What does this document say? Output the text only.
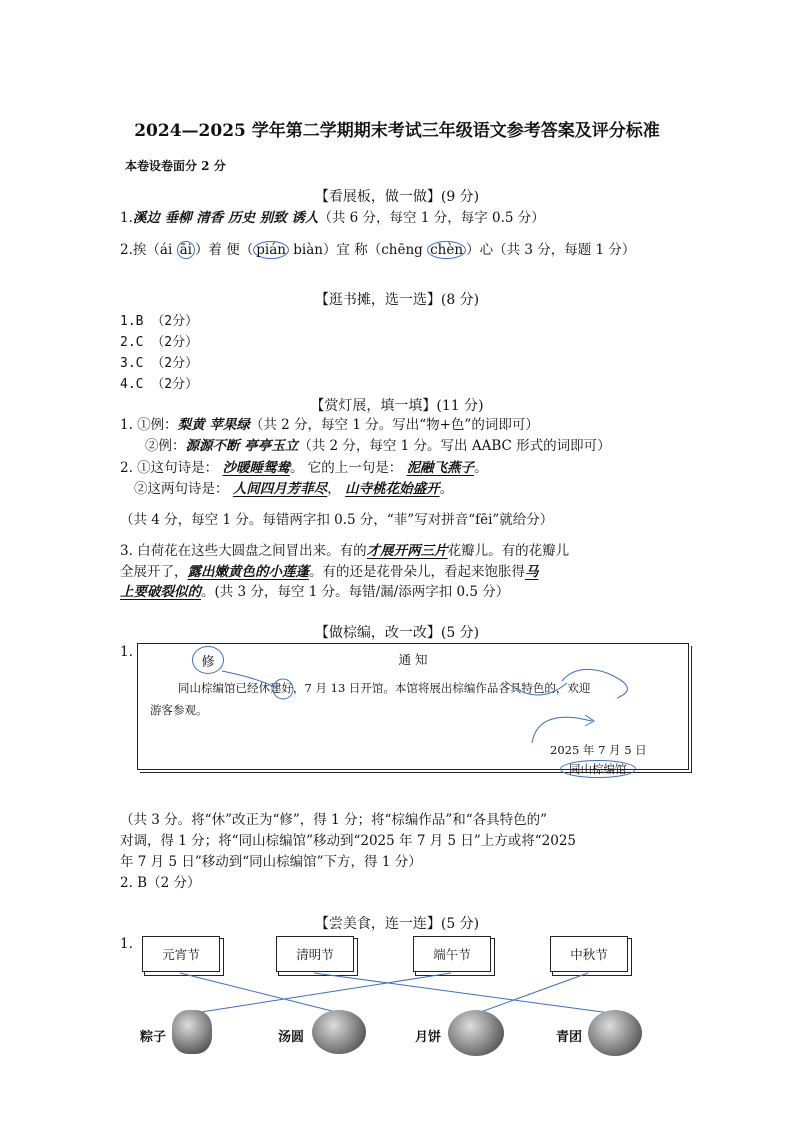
2024—2025 学年第二学期期末考试三年级语文参考答案及评分标准
本卷设卷面分 2 分
【看展板，做一做】(9 分)
1.溪边 垂柳 清香 历史 别致 诱人（共 6 分，每空 1 分，每字 0.5 分）
2.挨（ái āi ）着 便（ pián biàn）宜 称（chēng chèn ）心（共 3 分，每题 1 分）
【逛书摊，选一选】(8 分)
1.B （2分）
2.C （2分）
3.C （2分）
4.C （2分）
【赏灯展，填一填】(11 分)
1. ①例：梨黄 苹果绿（共 2 分，每空 1 分。写出“物+色”的词即可）
②例：源源不断 亭亭玉立（共 2 分，每空 1 分。写出 AABC 形式的词即可）
2. ①这句诗是： 沙暖睡鸳鸯。 它的上一句是： 泥融飞燕子。
②这两句诗是： 人间四月芳菲尽， 山寺桃花始盛开。
（共 4 分，每空 1 分。每错两字扣 0.5 分，“菲”写对拼音“fēi”就给分）
3. 白荷花在这些大圆盘之间冒出来。有的才展开两三片花瓣儿。有的花瓣儿
全展开了，露出嫩黄色的小莲蓬。有的还是花骨朵儿，看起来饱胀得马
上要破裂似的。(共 3 分，每空 1 分。每错/漏/添两字扣 0.5 分）
【做棕编，改一改】(5 分)
1.	通 知
同山棕编馆已经休建好，7 月 13 日开馆。本馆将展出棕编作品各具特色的，欢迎
游客参观。
2025 年 7 月 5 日
同山棕编馆
修
（共 3 分。将“休”改正为“修”，得 1 分；将“棕编作品”和“各具特色的”
对调，得 1 分；将“同山棕编馆”移动到“2025 年 7 月 5 日”上方或将“2025
年 7 月 5 日”移动到“同山棕编馆”下方，得 1 分）
2. B（2 分）
【尝美食，连一连】(5 分)
1.
元宵节	清明节	端午节	中秋节
粽子	汤圆	月饼	青团
